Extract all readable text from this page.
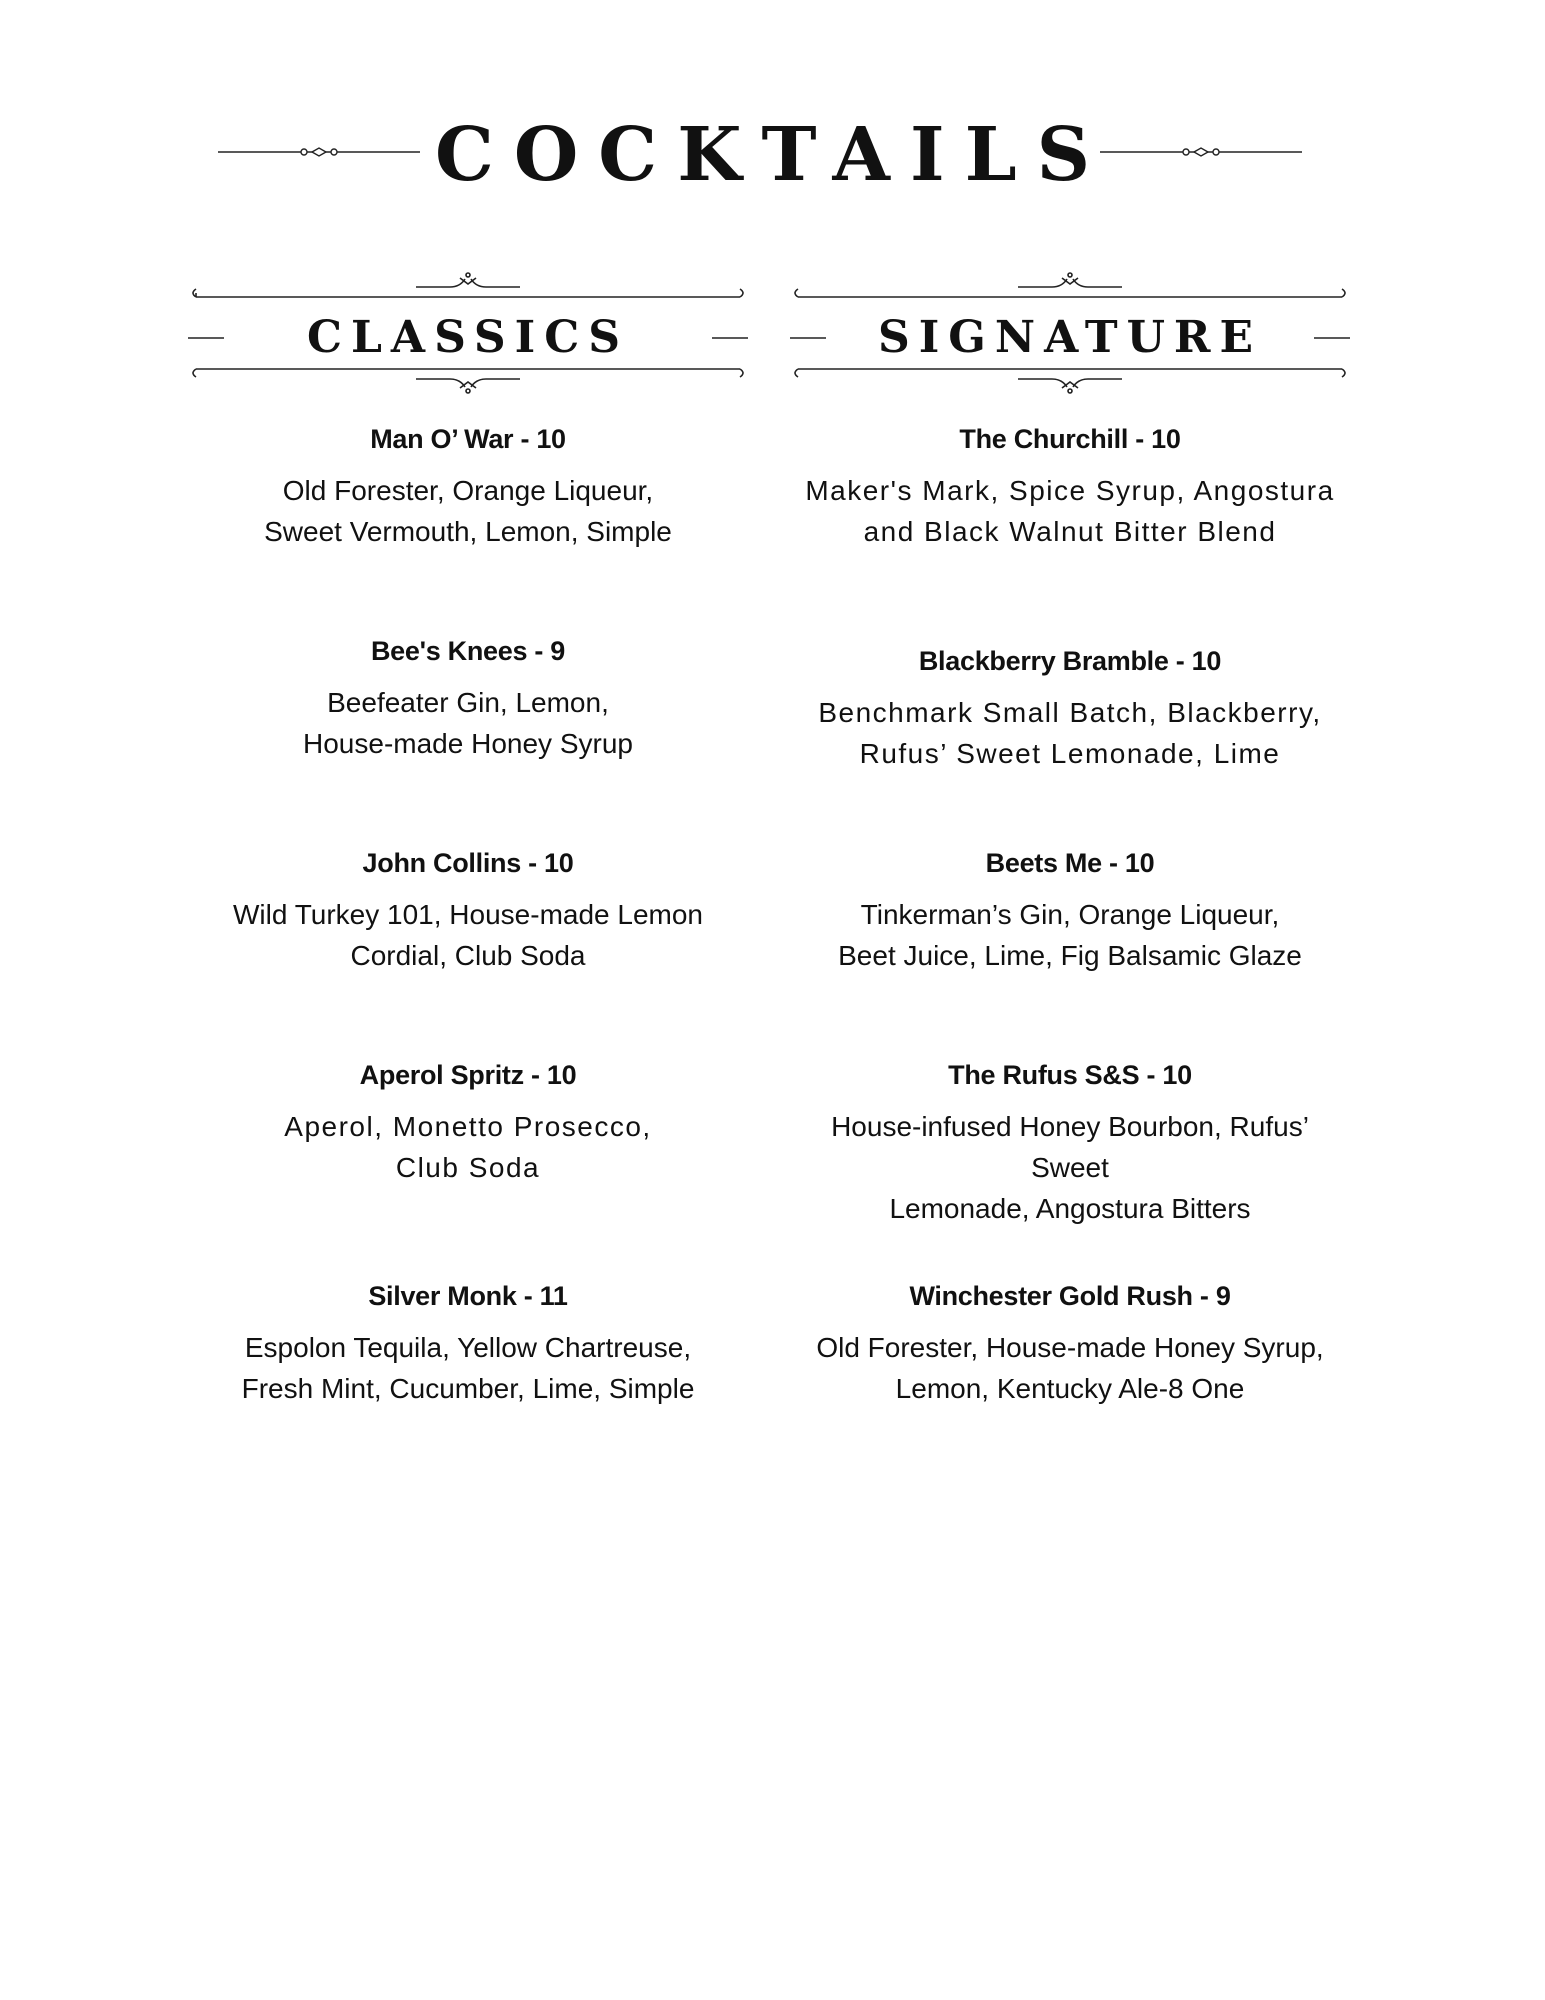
COCKTAILS
CLASSICS

Man O’ War - 10

Old Forester, Orange Liqueur,
Sweet Vermouth, Lemon, Simple

Bee's Knees - 9

Beefeater Gin, Lemon,
House-made Honey Syrup

John Collins - 10

Wild Turkey 101, House-made Lemon
Cordial, Club Soda

Aperol Spritz - 10

Aperol, Monetto Prosecco,
Club Soda

Silver Monk - 11

Espolon Tequila, Yellow Chartreuse,
Fresh Mint, Cucumber, Lime, Simple

SIGNATURE

The Churchill - 10

Maker's Mark, Spice Syrup, Angostura
and Black Walnut Bitter Blend

Blackberry Bramble - 10

Benchmark Small Batch, Blackberry,
Rufus’ Sweet Lemonade, Lime

Beets Me - 10

Tinkerman’s Gin, Orange Liqueur,
Beet Juice, Lime, Fig Balsamic Glaze

The Rufus S&S - 10

House-infused Honey Bourbon, Rufus’ Sweet
Lemonade, Angostura Bitters

Winchester Gold Rush - 9

Old Forester, House-made Honey Syrup,
Lemon, Kentucky Ale-8 One
